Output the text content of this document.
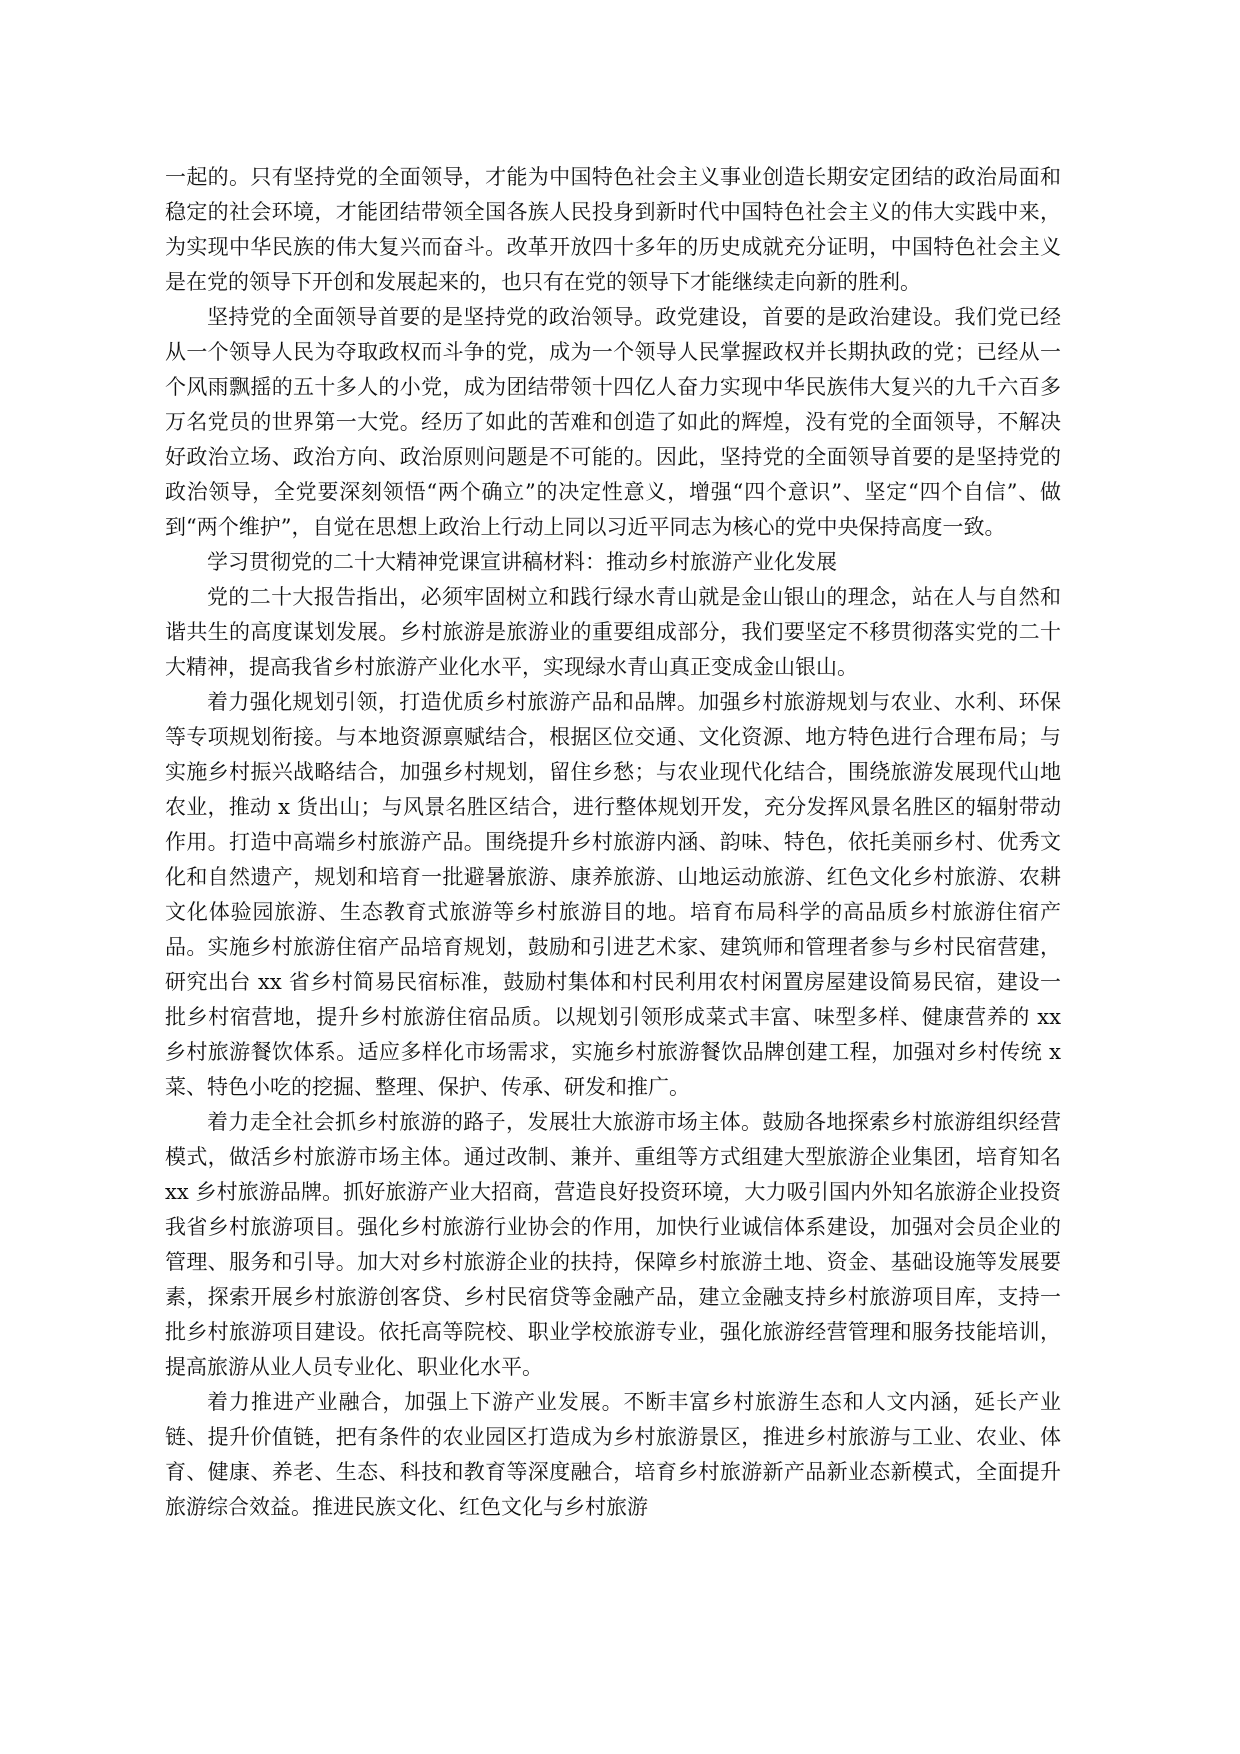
一起的。只有坚持党的全面领导，才能为中国特色社会主义事业创造长期安定团结的政治局面和稳定的社会环境，才能团结带领全国各族人民投身到新时代中国特色社会主义的伟大实践中来，为实现中华民族的伟大复兴而奋斗。改革开放四十多年的历史成就充分证明，中国特色社会主义是在党的领导下开创和发展起来的，也只有在党的领导下才能继续走向新的胜利。

坚持党的全面领导首要的是坚持党的政治领导。政党建设，首要的是政治建设。我们党已经从一个领导人民为夺取政权而斗争的党，成为一个领导人民掌握政权并长期执政的党；已经从一个风雨飘摇的五十多人的小党，成为团结带领十四亿人奋力实现中华民族伟大复兴的九千六百多万名党员的世界第一大党。经历了如此的苦难和创造了如此的辉煌，没有党的全面领导，不解决好政治立场、政治方向、政治原则问题是不可能的。因此，坚持党的全面领导首要的是坚持党的政治领导，全党要深刻领悟“两个确立”的决定性意义，增强“四个意识”、坚定“四个自信”、做到“两个维护”，自觉在思想上政治上行动上同以习近平同志为核心的党中央保持高度一致。

学习贯彻党的二十大精神党课宣讲稿材料：推动乡村旅游产业化发展

党的二十大报告指出，必须牢固树立和践行绿水青山就是金山银山的理念，站在人与自然和谐共生的高度谋划发展。乡村旅游是旅游业的重要组成部分，我们要坚定不移贯彻落实党的二十大精神，提高我省乡村旅游产业化水平，实现绿水青山真正变成金山银山。

着力强化规划引领，打造优质乡村旅游产品和品牌。加强乡村旅游规划与农业、水利、环保等专项规划衔接。与本地资源禀赋结合，根据区位交通、文化资源、地方特色进行合理布局；与实施乡村振兴战略结合，加强乡村规划，留住乡愁；与农业现代化结合，围绕旅游发展现代山地农业，推动 x 货出山；与风景名胜区结合，进行整体规划开发，充分发挥风景名胜区的辐射带动作用。打造中高端乡村旅游产品。围绕提升乡村旅游内涵、韵味、特色，依托美丽乡村、优秀文化和自然遗产，规划和培育一批避暑旅游、康养旅游、山地运动旅游、红色文化乡村旅游、农耕文化体验园旅游、生态教育式旅游等乡村旅游目的地。培育布局科学的高品质乡村旅游住宿产品。实施乡村旅游住宿产品培育规划，鼓励和引进艺术家、建筑师和管理者参与乡村民宿营建，研究出台 xx 省乡村简易民宿标准，鼓励村集体和村民利用农村闲置房屋建设简易民宿，建设一批乡村宿营地，提升乡村旅游住宿品质。以规划引领形成菜式丰富、味型多样、健康营养的 xx 乡村旅游餐饮体系。适应多样化市场需求，实施乡村旅游餐饮品牌创建工程，加强对乡村传统 x 菜、特色小吃的挖掘、整理、保护、传承、研发和推广。

着力走全社会抓乡村旅游的路子，发展壮大旅游市场主体。鼓励各地探索乡村旅游组织经营模式，做活乡村旅游市场主体。通过改制、兼并、重组等方式组建大型旅游企业集团，培育知名 xx 乡村旅游品牌。抓好旅游产业大招商，营造良好投资环境，大力吸引国内外知名旅游企业投资我省乡村旅游项目。强化乡村旅游行业协会的作用，加快行业诚信体系建设，加强对会员企业的管理、服务和引导。加大对乡村旅游企业的扶持，保障乡村旅游土地、资金、基础设施等发展要素，探索开展乡村旅游创客贷、乡村民宿贷等金融产品，建立金融支持乡村旅游项目库，支持一批乡村旅游项目建设。依托高等院校、职业学校旅游专业，强化旅游经营管理和服务技能培训，提高旅游从业人员专业化、职业化水平。

着力推进产业融合，加强上下游产业发展。不断丰富乡村旅游生态和人文内涵，延长产业链、提升价值链，把有条件的农业园区打造成为乡村旅游景区，推进乡村旅游与工业、农业、体育、健康、养老、生态、科技和教育等深度融合，培育乡村旅游新产品新业态新模式，全面提升旅游综合效益。推进民族文化、红色文化与乡村旅游
